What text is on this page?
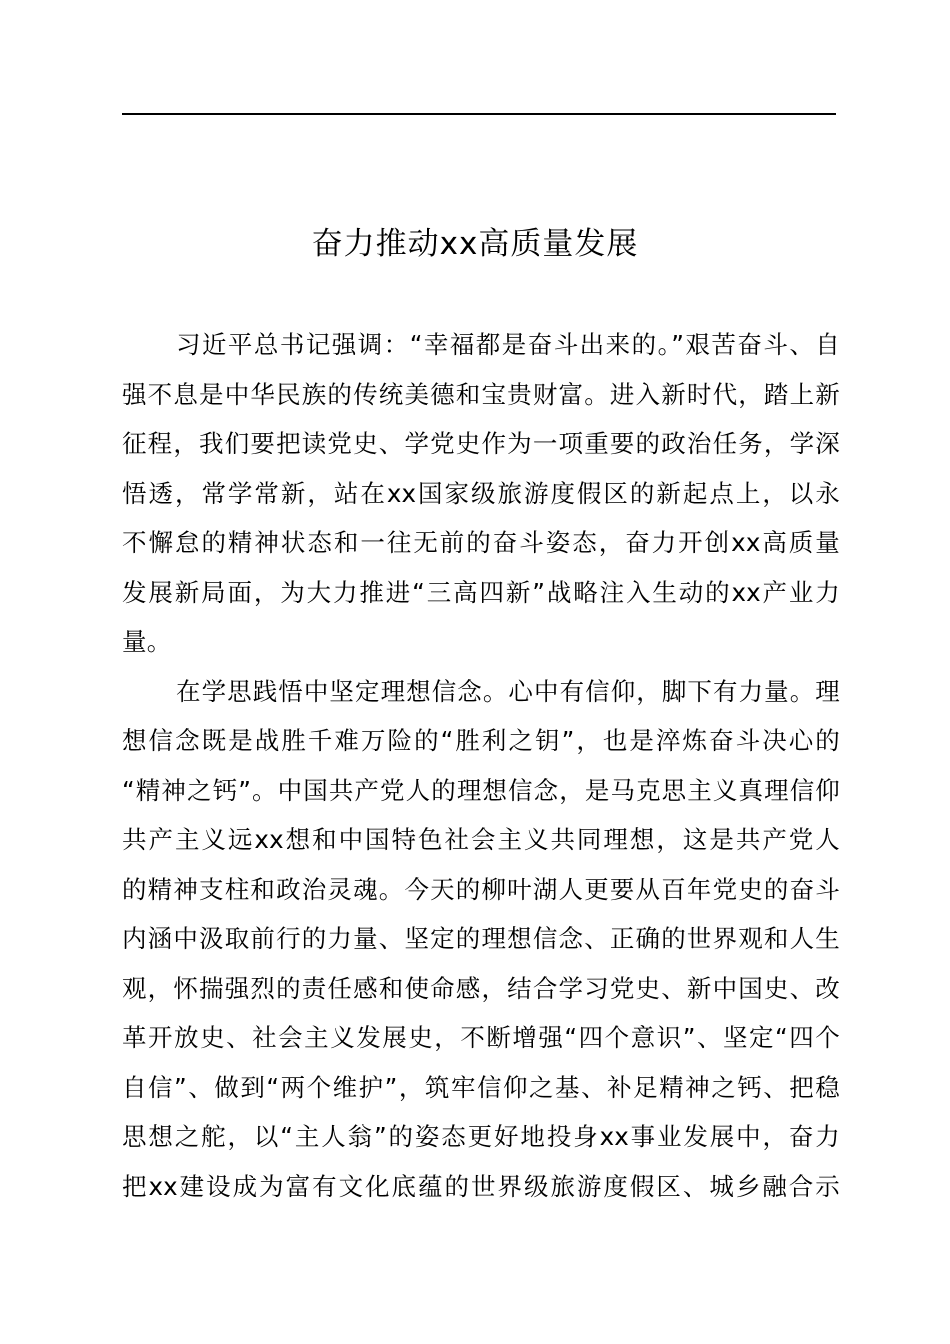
奋力推动xx高质量发展
习近平总书记强调：“幸福都是奋斗出来的。”艰苦奋斗、自
强不息是中华民族的传统美德和宝贵财富。进入新时代，踏上新
征程，我们要把读党史、学党史作为一项重要的政治任务，学深
悟透，常学常新，站在xx国家级旅游度假区的新起点上，以永
不懈怠的精神状态和一往无前的奋斗姿态，奋力开创xx高质量
发展新局面，为大力推进“三高四新”战略注入生动的xx产业力
量。
在学思践悟中坚定理想信念。心中有信仰，脚下有力量。理
想信念既是战胜千难万险的“胜利之钥”，也是淬炼奋斗决心的
“精神之钙”。中国共产党人的理想信念，是马克思主义真理信仰
共产主义远xx想和中国特色社会主义共同理想，这是共产党人
的精神支柱和政治灵魂。今天的柳叶湖人更要从百年党史的奋斗
内涵中汲取前行的力量、坚定的理想信念、正确的世界观和人生
观，怀揣强烈的责任感和使命感，结合学习党史、新中国史、改
革开放史、社会主义发展史，不断增强“四个意识”、坚定“四个
自信”、做到“两个维护”，筑牢信仰之基、补足精神之钙、把稳
思想之舵，以“主人翁”的姿态更好地投身xx事业发展中，奋力
把xx建设成为富有文化底蕴的世界级旅游度假区、城乡融合示
